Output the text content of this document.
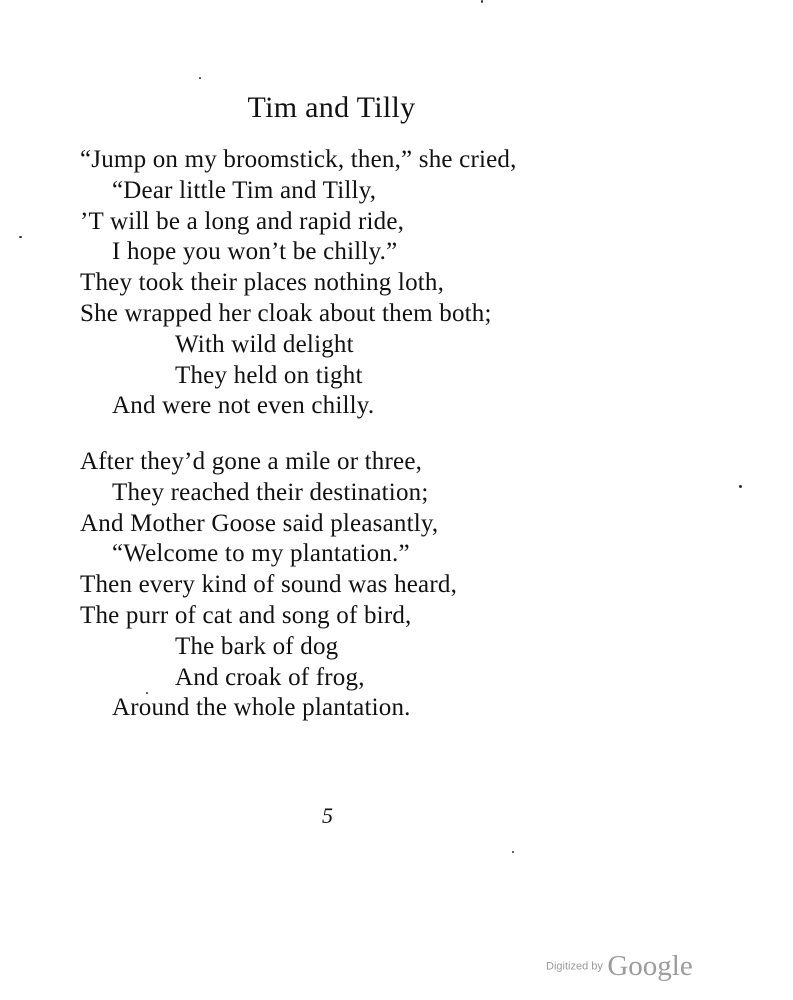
Tim and Tilly
“Jump on my broomstick, then,” she cried,
“Dear little Tim and Tilly,
’T will be a long and rapid ride,
I hope you won’t be chilly.”
They took their places nothing loth,
She wrapped her cloak about them both;
With wild delight
They held on tight
And were not even chilly.
After they’d gone a mile or three,
They reached their destination;
And Mother Goose said pleasantly,
“Welcome to my plantation.”
Then every kind of sound was heard,
The purr of cat and song of bird,
The bark of dog
And croak of frog,
Around the whole plantation.
5
Digitized by Google
